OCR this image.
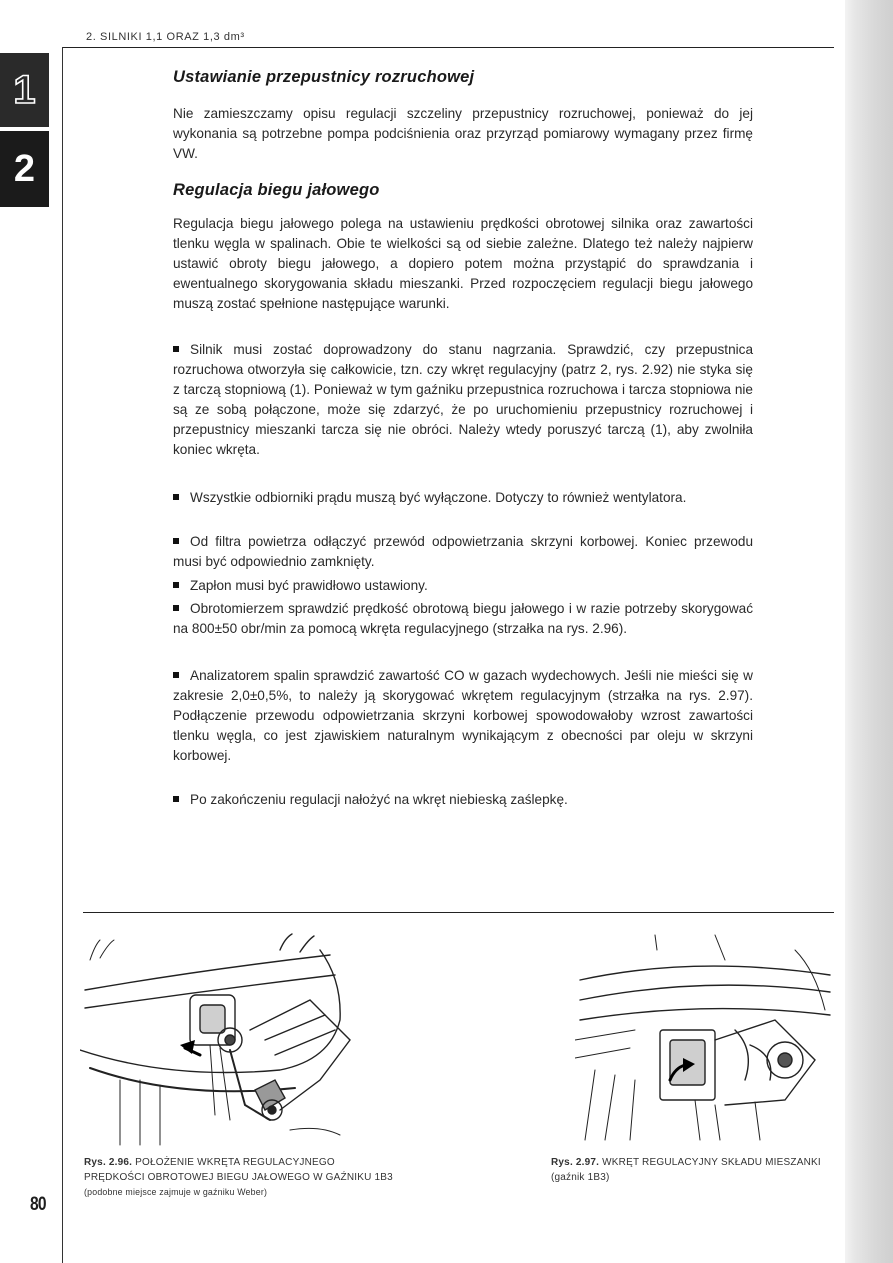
2. SILNIKI 1,1 ORAZ 1,3 dm³
1
2
Ustawianie przepustnicy rozruchowej

Nie zamieszczamy opisu regulacji szczeliny przepustnicy rozruchowej, ponieważ do jej wykonania są potrzebne pompa podciśnienia oraz przyrząd pomiarowy wymagany przez firmę VW.

Regulacja biegu jałowego

Regulacja biegu jałowego polega na ustawieniu prędkości obrotowej silnika oraz zawartości tlenku węgla w spalinach. Obie te wielkości są od siebie zależne. Dlatego też należy najpierw ustawić obroty biegu jałowego, a dopiero potem można przystąpić do sprawdzania i ewentualnego skorygowania składu mieszanki. Przed rozpoczęciem regulacji biegu jałowego muszą zostać spełnione następujące warunki.

Silnik musi zostać doprowadzony do stanu nagrzania. Sprawdzić, czy przepustnica rozruchowa otworzyła się całkowicie, tzn. czy wkręt regulacyjny (patrz 2, rys. 2.92) nie styka się z tarczą stopniową (1). Ponieważ w tym gaźniku przepustnica rozruchowa i tarcza stopniowa nie są ze sobą połączone, może się zdarzyć, że po uruchomieniu przepustnicy rozruchowej i przepustnicy mieszanki tarcza się nie obróci. Należy wtedy poruszyć tarczą (1), aby zwolniła koniec wkręta.

Wszystkie odbiorniki prądu muszą być wyłączone. Dotyczy to również wentylatora.

Od filtra powietrza odłączyć przewód odpowietrzania skrzyni korbowej. Koniec przewodu musi być odpowiednio zamknięty.

Zapłon musi być prawidłowo ustawiony.

Obrotomierzem sprawdzić prędkość obrotową biegu jałowego i w razie potrzeby skorygować na 800±50 obr/min za pomocą wkręta regulacyjnego (strzałka na rys. 2.96).

Analizatorem spalin sprawdzić zawartość CO w gazach wydechowych. Jeśli nie mieści się w zakresie 2,0±0,5%, to należy ją skorygować wkrętem regulacyjnym (strzałka na rys. 2.97). Podłączenie przewodu odpowietrzania skrzyni korbowej spowodowałoby wzrost zawartości tlenku węgla, co jest zjawiskiem naturalnym wynikającym z obecności par oleju w skrzyni korbowej.

Po zakończeniu regulacji nałożyć na wkręt niebieską zaślepkę.

Rys. 2.96. POŁOŻENIE WKRĘTA REGULACYJNEGO
PRĘDKOŚCI OBROTOWEJ BIEGU JAŁOWEGO W GAŹNIKU 1B3
(podobne miejsce zajmuje w gaźniku Weber)
Rys. 2.97. WKRĘT REGULACYJNY SKŁADU MIESZANKI
(gaźnik 1B3)
80
